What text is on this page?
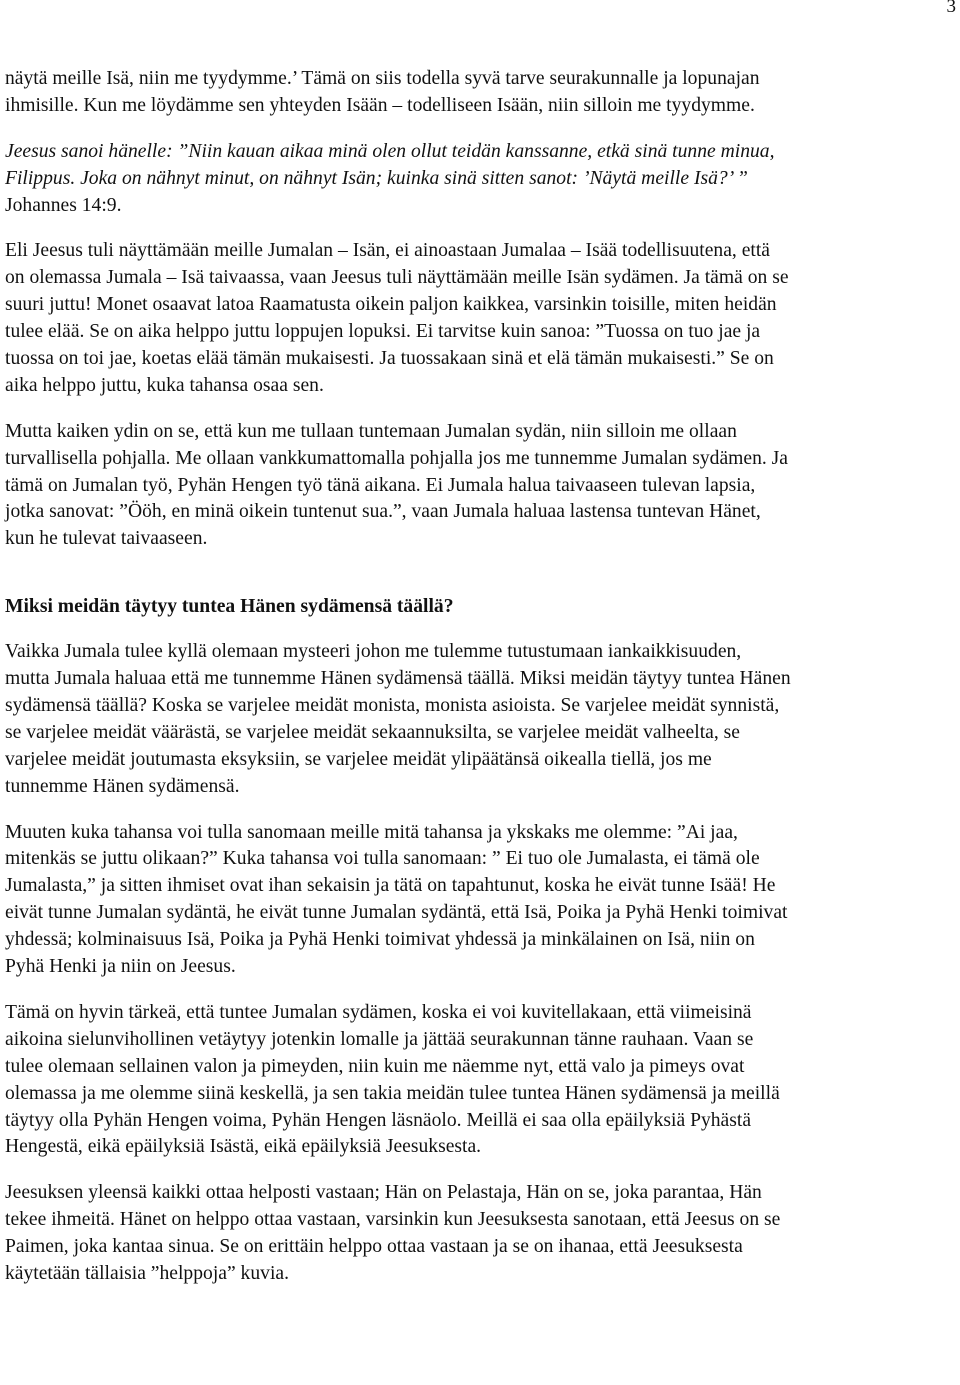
3

näytä meille Isä, niin me tyydymme.’ Tämä on siis todella syvä tarve seurakunnalle ja lopunajan
ihmisille. Kun me löydämme sen yhteyden Isään – todelliseen Isään, niin silloin me tyydymme.

Jeesus sanoi hänelle: ”Niin kauan aikaa minä olen ollut teidän kanssanne, etkä sinä tunne minua,
Filippus. Joka on nähnyt minut, on nähnyt Isän; kuinka sinä sitten sanot: ’Näytä meille Isä?’ ”
Johannes 14:9.

Eli Jeesus tuli näyttämään meille Jumalan – Isän, ei ainoastaan Jumalaa – Isää todellisuutena, että
on olemassa Jumala – Isä taivaassa, vaan Jeesus tuli näyttämään meille Isän sydämen. Ja tämä on se
suuri juttu! Monet osaavat latoa Raamatusta oikein paljon kaikkea, varsinkin toisille, miten heidän
tulee elää. Se on aika helppo juttu loppujen lopuksi. Ei tarvitse kuin sanoa: ”Tuossa on tuo jae ja
tuossa on toi jae, koetas elää tämän mukaisesti. Ja tuossakaan sinä et elä tämän mukaisesti.” Se on
aika helppo juttu, kuka tahansa osaa sen.

Mutta kaiken ydin on se, että kun me tullaan tuntemaan Jumalan sydän, niin silloin me ollaan
turvallisella pohjalla. Me ollaan vankkumattomalla pohjalla jos me tunnemme Jumalan sydämen. Ja
tämä on Jumalan työ, Pyhän Hengen työ tänä aikana. Ei Jumala halua taivaaseen tulevan lapsia,
jotka sanovat: ”Ööh, en minä oikein tuntenut sua.”, vaan Jumala haluaa lastensa tuntevan Hänet,
kun he tulevat taivaaseen.

Miksi meidän täytyy tuntea Hänen sydämensä täällä?

Vaikka Jumala tulee kyllä olemaan mysteeri johon me tulemme tutustumaan iankaikkisuuden,
mutta Jumala haluaa että me tunnemme Hänen sydämensä täällä. Miksi meidän täytyy tuntea Hänen
sydämensä täällä? Koska se varjelee meidät monista, monista asioista. Se varjelee meidät synnistä,
se varjelee meidät väärästä, se varjelee meidät sekaannuksilta, se varjelee meidät valheelta, se
varjelee meidät joutumasta eksyksiin, se varjelee meidät ylipäätänsä oikealla tiellä, jos me
tunnemme Hänen sydämensä.

Muuten kuka tahansa voi tulla sanomaan meille mitä tahansa ja ykskaks me olemme: ”Ai jaa,
mitenkäs se juttu olikaan?” Kuka tahansa voi tulla sanomaan: ” Ei tuo ole Jumalasta, ei tämä ole
Jumalasta,” ja sitten ihmiset ovat ihan sekaisin ja tätä on tapahtunut, koska he eivät tunne Isää! He
eivät tunne Jumalan sydäntä, he eivät tunne Jumalan sydäntä, että Isä, Poika ja Pyhä Henki toimivat
yhdessä; kolminaisuus Isä, Poika ja Pyhä Henki toimivat yhdessä ja minkälainen on Isä, niin on
Pyhä Henki ja niin on Jeesus.

Tämä on hyvin tärkeä, että tuntee Jumalan sydämen, koska ei voi kuvitellakaan, että viimeisinä
aikoina sielunvihollinen vetäytyy jotenkin lomalle ja jättää seurakunnan tänne rauhaan. Vaan se
tulee olemaan sellainen valon ja pimeyden, niin kuin me näemme nyt, että valo ja pimeys ovat
olemassa ja me olemme siinä keskellä, ja sen takia meidän tulee tuntea Hänen sydämensä ja meillä
täytyy olla Pyhän Hengen voima, Pyhän Hengen läsnäolo. Meillä ei saa olla epäilyksiä Pyhästä
Hengestä, eikä epäilyksiä Isästä, eikä epäilyksiä Jeesuksesta.

Jeesuksen yleensä kaikki ottaa helposti vastaan; Hän on Pelastaja, Hän on se, joka parantaa, Hän
tekee ihmeitä. Hänet on helppo ottaa vastaan, varsinkin kun Jeesuksesta sanotaan, että Jeesus on se
Paimen, joka kantaa sinua. Se on erittäin helppo ottaa vastaan ja se on ihanaa, että Jeesuksesta
käytetään tällaisia ”helppoja” kuvia.
